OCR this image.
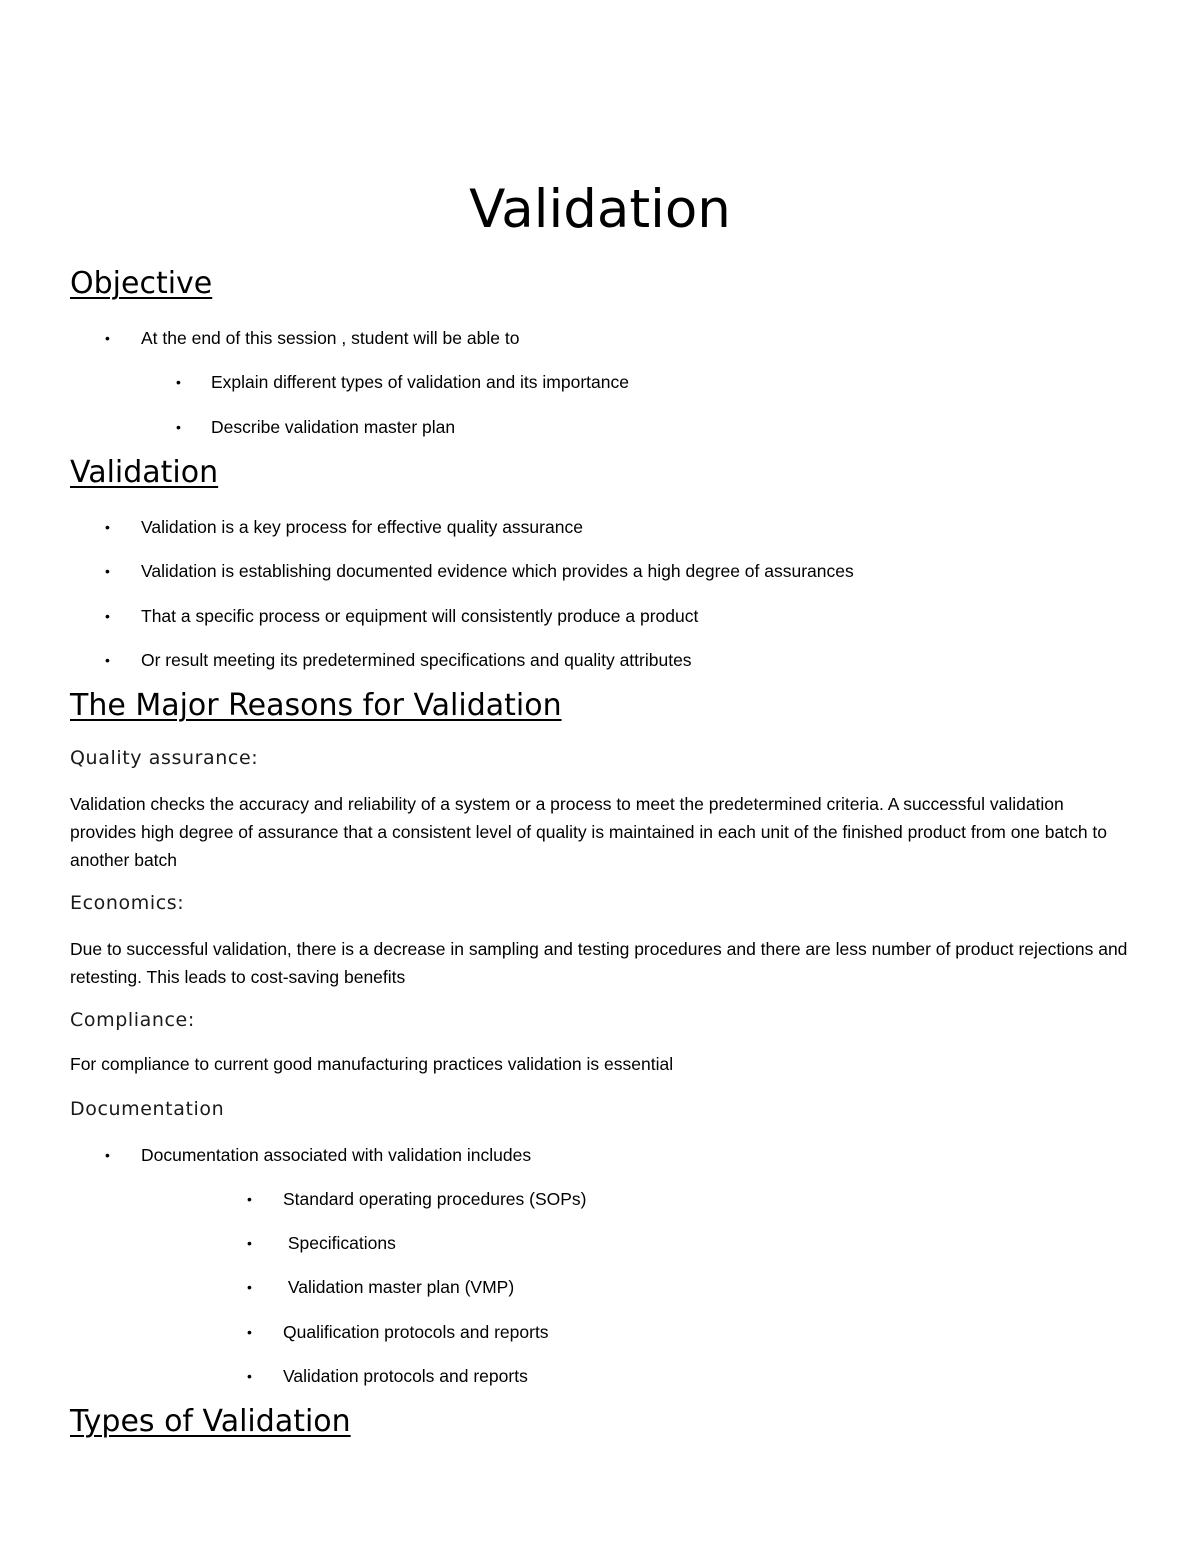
Validation
Objective
• At the end of this session , student will be able to
• Explain different types of validation and its importance
• Describe validation master plan
Validation
• Validation is a key process for effective quality assurance
• Validation is establishing documented evidence which provides a high degree of assurances
• That a specific process or equipment will consistently produce a product
• Or result meeting its predetermined specifications and quality attributes
The Major Reasons for Validation
Quality assurance:
Validation checks the accuracy and reliability of a system or a process to meet the predetermined criteria. A successful validation provides high degree of assurance that a consistent level of quality is maintained in each unit of the finished product from one batch to another batch
Economics:
Due to successful validation, there is a decrease in sampling and testing procedures and there are less number of product rejections and retesting. This leads to cost-saving benefits
Compliance:
For compliance to current good manufacturing practices validation is essential
Documentation
• Documentation associated with validation includes
• Standard operating procedures (SOPs)
• Specifications
• Validation master plan (VMP)
• Qualification protocols and reports
• Validation protocols and reports
Types of Validation
